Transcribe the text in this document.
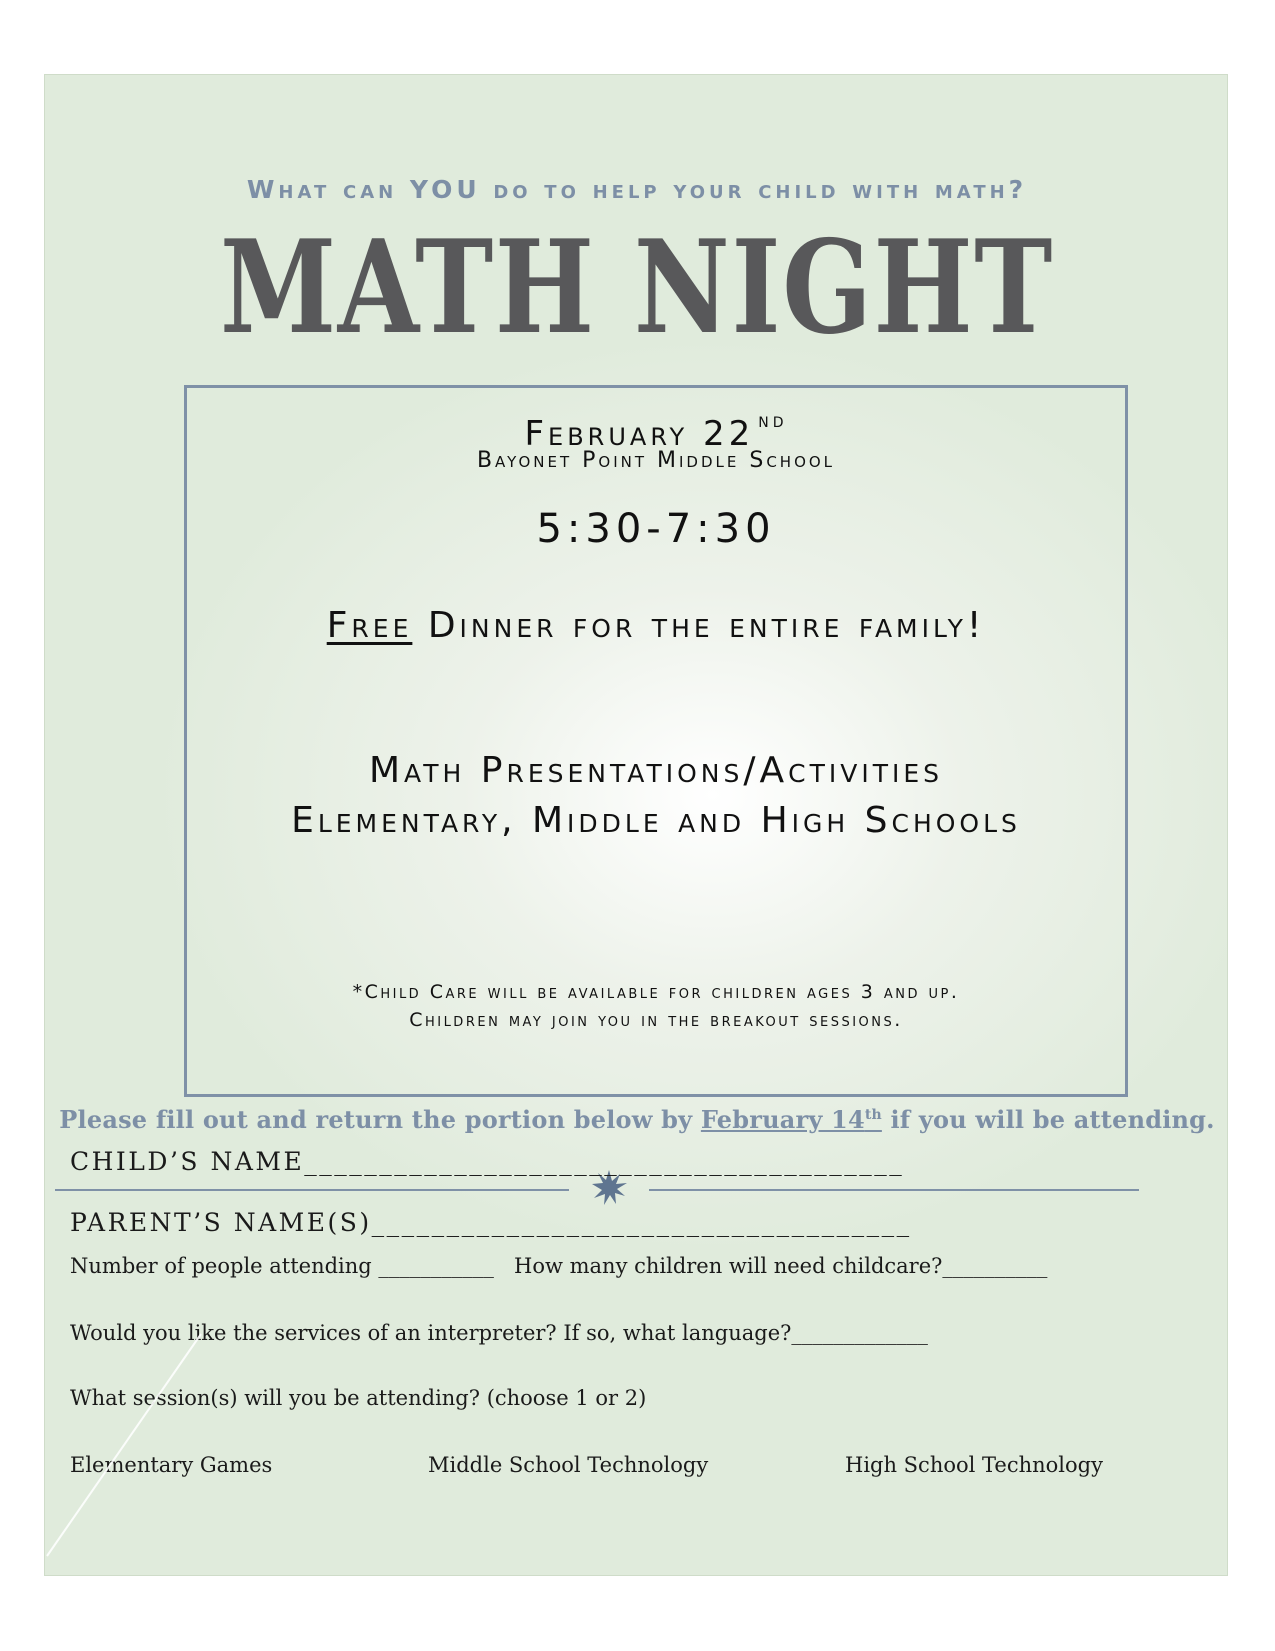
What can YOU do to help your child with math?
MATH NIGHT
February 22 $^{nd}$
Bayonet Point Middle School
5:30-7:30
Free Dinner for the entire family!
Math Presentations/Activities
Elementary, Middle and High Schools
*Child Care will be available for children ages 3 and up.
Children may join you in the breakout sessions.
Please fill out and return the portion below by February 14th if you will be attending.
CHILD’S NAME________________________________________
PARENT’S NAME(S)____________________________________
Number of people attending ___________ How many children will need childcare?__________
Would you like the services of an interpreter? If so, what language?_____________
What session(s) will you be attending? (choose 1 or 2)
Elementary Games	Middle School Technology	High School Technology
